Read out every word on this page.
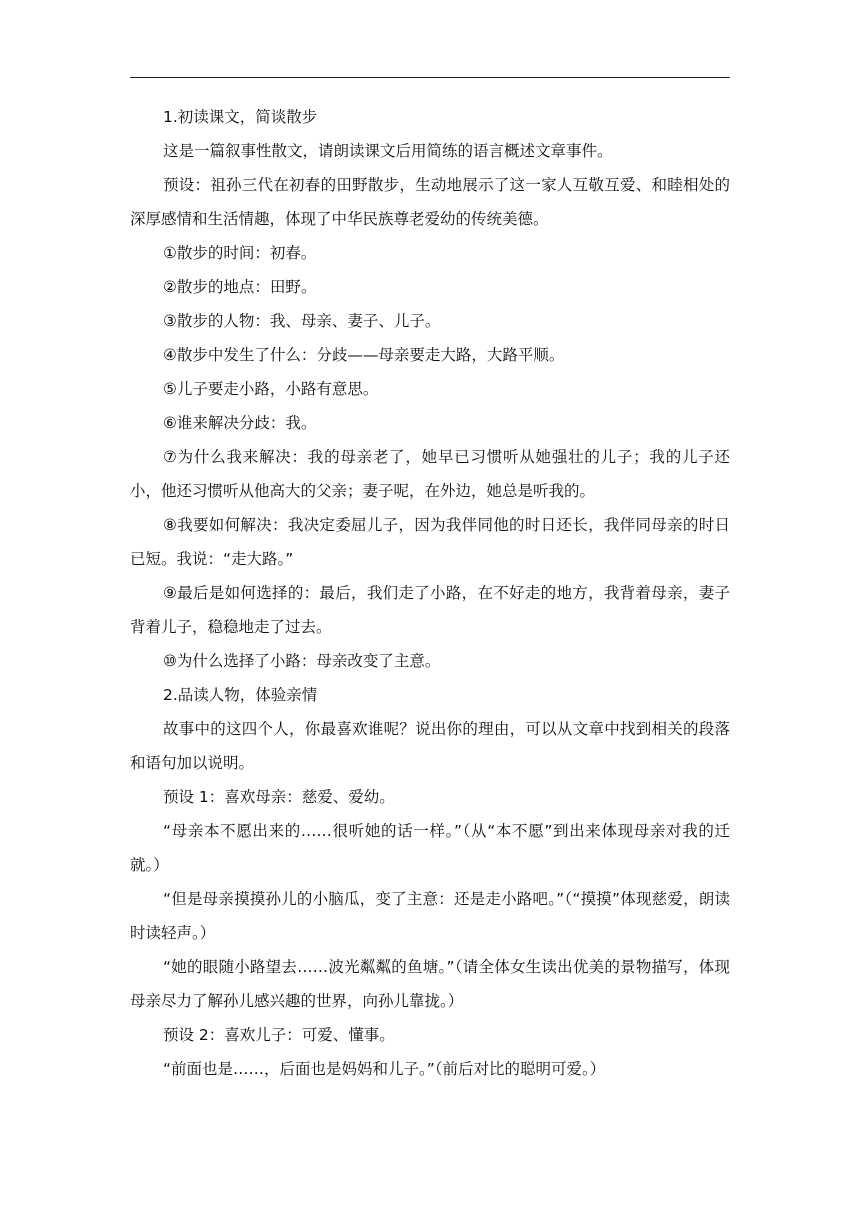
1.初读课文，简谈散步

这是一篇叙事性散文，请朗读课文后用简练的语言概述文章事件。

预设：祖孙三代在初春的田野散步，生动地展示了这一家人互敬互爱、和睦相处的深厚感情和生活情趣，体现了中华民族尊老爱幼的传统美德。

①散步的时间：初春。

②散步的地点：田野。

③散步的人物：我、母亲、妻子、儿子。

④散步中发生了什么：分歧——母亲要走大路，大路平顺。

⑤儿子要走小路，小路有意思。

⑥谁来解决分歧：我。

⑦为什么我来解决：我的母亲老了，她早已习惯听从她强壮的儿子；我的儿子还小，他还习惯听从他高大的父亲；妻子呢，在外边，她总是听我的。

⑧我要如何解决：我决定委屈儿子，因为我伴同他的时日还长，我伴同母亲的时日已短。我说：“走大路。”

⑨最后是如何选择的：最后，我们走了小路，在不好走的地方，我背着母亲，妻子背着儿子，稳稳地走了过去。

⑩为什么选择了小路：母亲改变了主意。

2.品读人物，体验亲情

故事中的这四个人，你最喜欢谁呢？说出你的理由，可以从文章中找到相关的段落和语句加以说明。

预设 1：喜欢母亲：慈爱、爱幼。

“母亲本不愿出来的……很听她的话一样。”（从“本不愿”到出来体现母亲对我的迁就。）

“但是母亲摸摸孙儿的小脑瓜，变了主意：还是走小路吧。”（“摸摸”体现慈爱，朗读时读轻声。）

“她的眼随小路望去……波光粼粼的鱼塘。”（请全体女生读出优美的景物描写，体现母亲尽力了解孙儿感兴趣的世界，向孙儿靠拢。）

预设 2：喜欢儿子：可爱、懂事。

“前面也是……，后面也是妈妈和儿子。”（前后对比的聪明可爱。）
